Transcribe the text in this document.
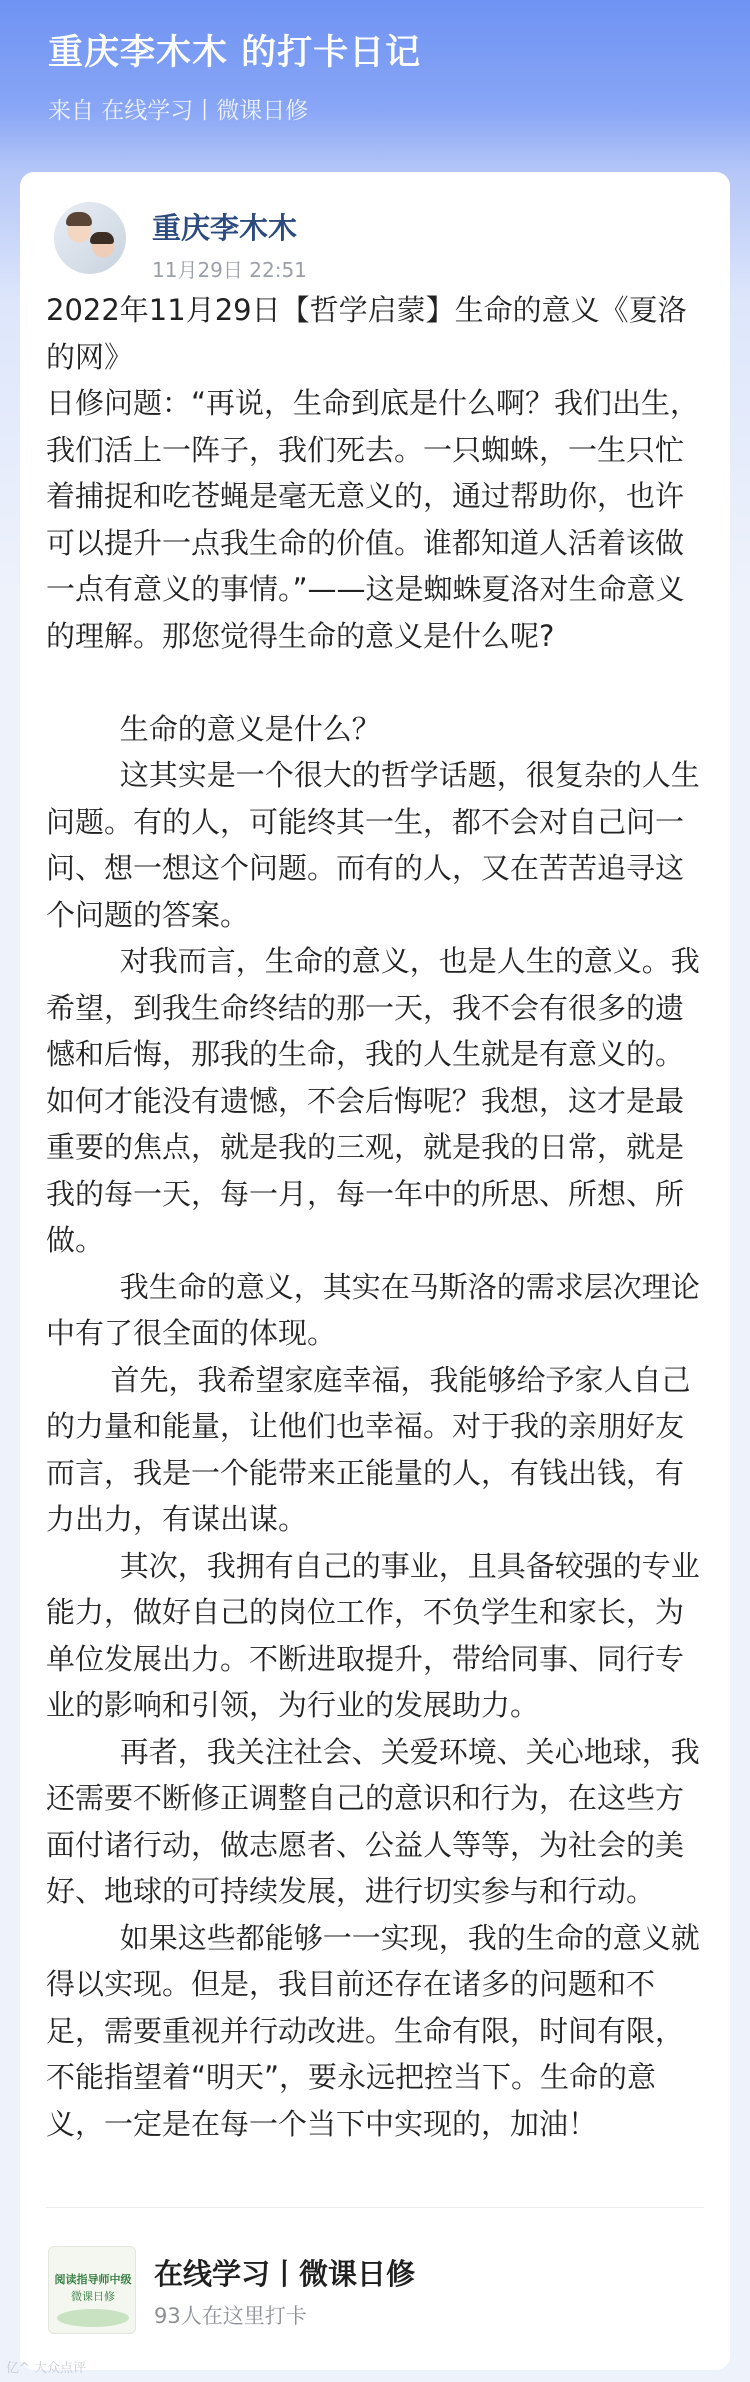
重庆李木木 的打卡日记
来自 在线学习丨微课日修
重庆李木木
11月29日 22:51

2022年11月29日【哲学启蒙】生命的意义《夏洛的网》

日修问题：“再说，生命到底是什么啊？我们出生，我们活上一阵子，我们死去。一只蜘蛛，一生只忙着捕捉和吃苍蝇是毫无意义的，通过帮助你，也许可以提升一点我生命的价值。谁都知道人活着该做一点有意义的事情。”——这是蜘蛛夏洛对生命意义的理解。那您觉得生命的意义是什么呢?

生命的意义是什么？

这其实是一个很大的哲学话题，很复杂的人生问题。有的人，可能终其一生，都不会对自己问一问、想一想这个问题。而有的人，又在苦苦追寻这个问题的答案。

对我而言，生命的意义，也是人生的意义。我希望，到我生命终结的那一天，我不会有很多的遗憾和后悔，那我的生命，我的人生就是有意义的。如何才能没有遗憾，不会后悔呢？我想，这才是最重要的焦点，就是我的三观，就是我的日常，就是我的每一天，每一月，每一年中的所思、所想、所做。

我生命的意义，其实在马斯洛的需求层次理论中有了很全面的体现。

首先，我希望家庭幸福，我能够给予家人自己的力量和能量，让他们也幸福。对于我的亲朋好友而言，我是一个能带来正能量的人，有钱出钱，有力出力，有谋出谋。

其次，我拥有自己的事业，且具备较强的专业能力，做好自己的岗位工作，不负学生和家长，为单位发展出力。不断进取提升，带给同事、同行专业的影响和引领，为行业的发展助力。

再者，我关注社会、关爱环境、关心地球，我还需要不断修正调整自己的意识和行为，在这些方面付诸行动，做志愿者、公益人等等，为社会的美好、地球的可持续发展，进行切实参与和行动。

如果这些都能够一一实现，我的生命的意义就得以实现。但是，我目前还存在诸多的问题和不足，需要重视并行动改进。生命有限，时间有限，不能指望着“明天”，要永远把控当下。生命的意义，一定是在每一个当下中实现的，加油！

阅读指导师中级
微课日修
在线学习丨微课日修
93人在这里打卡
亿^ 大众点评
